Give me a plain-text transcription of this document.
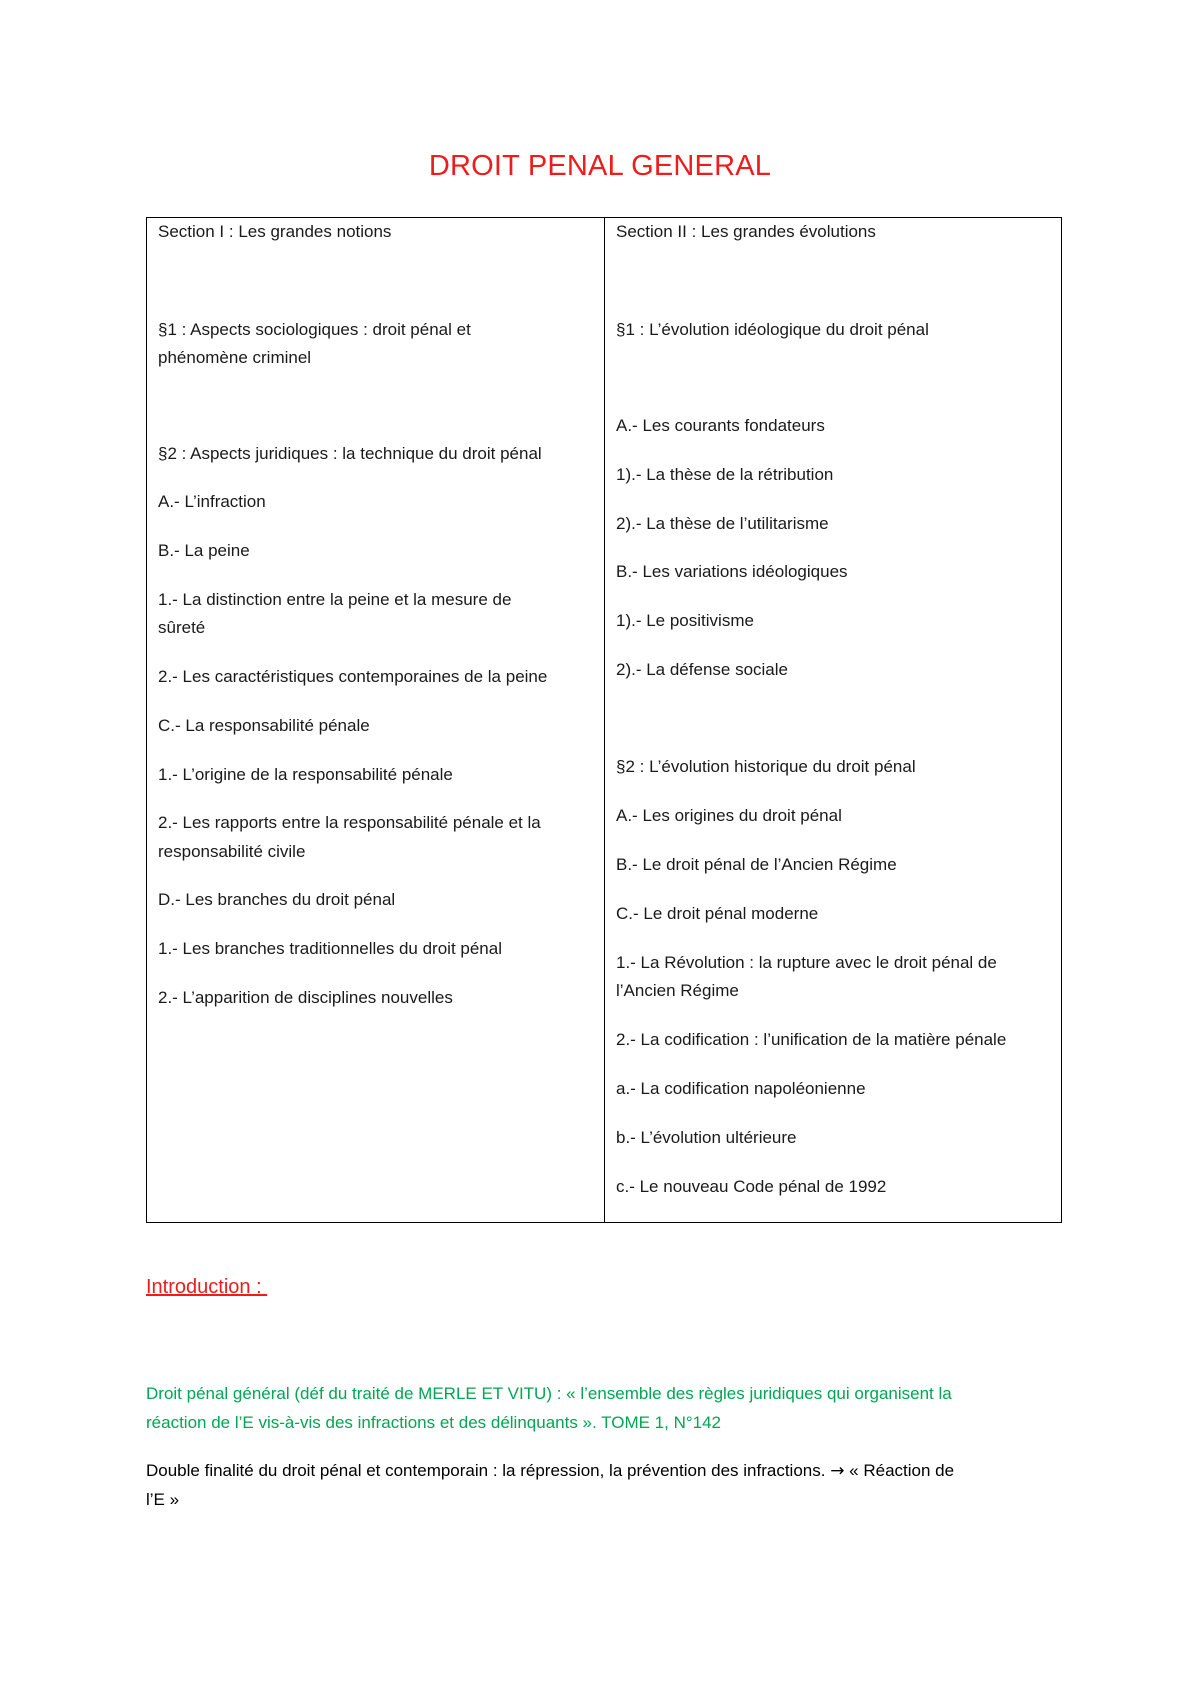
DROIT PENAL GENERAL
Section I : Les grandes notions
§1 : Aspects sociologiques : droit pénal et
phénomène criminel
§2 : Aspects juridiques : la technique du droit pénal
A.- L’infraction
B.- La peine
1.- La distinction entre la peine et la mesure de
sûreté
2.- Les caractéristiques contemporaines de la peine
C.- La responsabilité pénale
1.- L’origine de la responsabilité pénale
2.- Les rapports entre la responsabilité pénale et la
responsabilité civile
D.- Les branches du droit pénal
1.- Les branches traditionnelles du droit pénal
2.- L’apparition de disciplines nouvelles
Section II : Les grandes évolutions
§1 : L’évolution idéologique du droit pénal
A.- Les courants fondateurs
1).- La thèse de la rétribution
2).- La thèse de l’utilitarisme
B.- Les variations idéologiques
1).- Le positivisme
2).- La défense sociale
§2 : L’évolution historique du droit pénal
A.- Les origines du droit pénal
B.- Le droit pénal de l’Ancien Régime
C.- Le droit pénal moderne
1.- La Révolution : la rupture avec le droit pénal de
l’Ancien Régime
2.- La codification : l’unification de la matière pénale
a.- La codification napoléonienne
b.- L’évolution ultérieure
c.- Le nouveau Code pénal de 1992
Introduction :
Droit pénal général (déf du traité de MERLE ET VITU) : « l’ensemble des règles juridiques qui organisent la
réaction de l’E vis-à-vis des infractions et des délinquants ». TOME 1, N°142
Double finalité du droit pénal et contemporain : la répression, la prévention des infractions. → « Réaction de
l’E »
